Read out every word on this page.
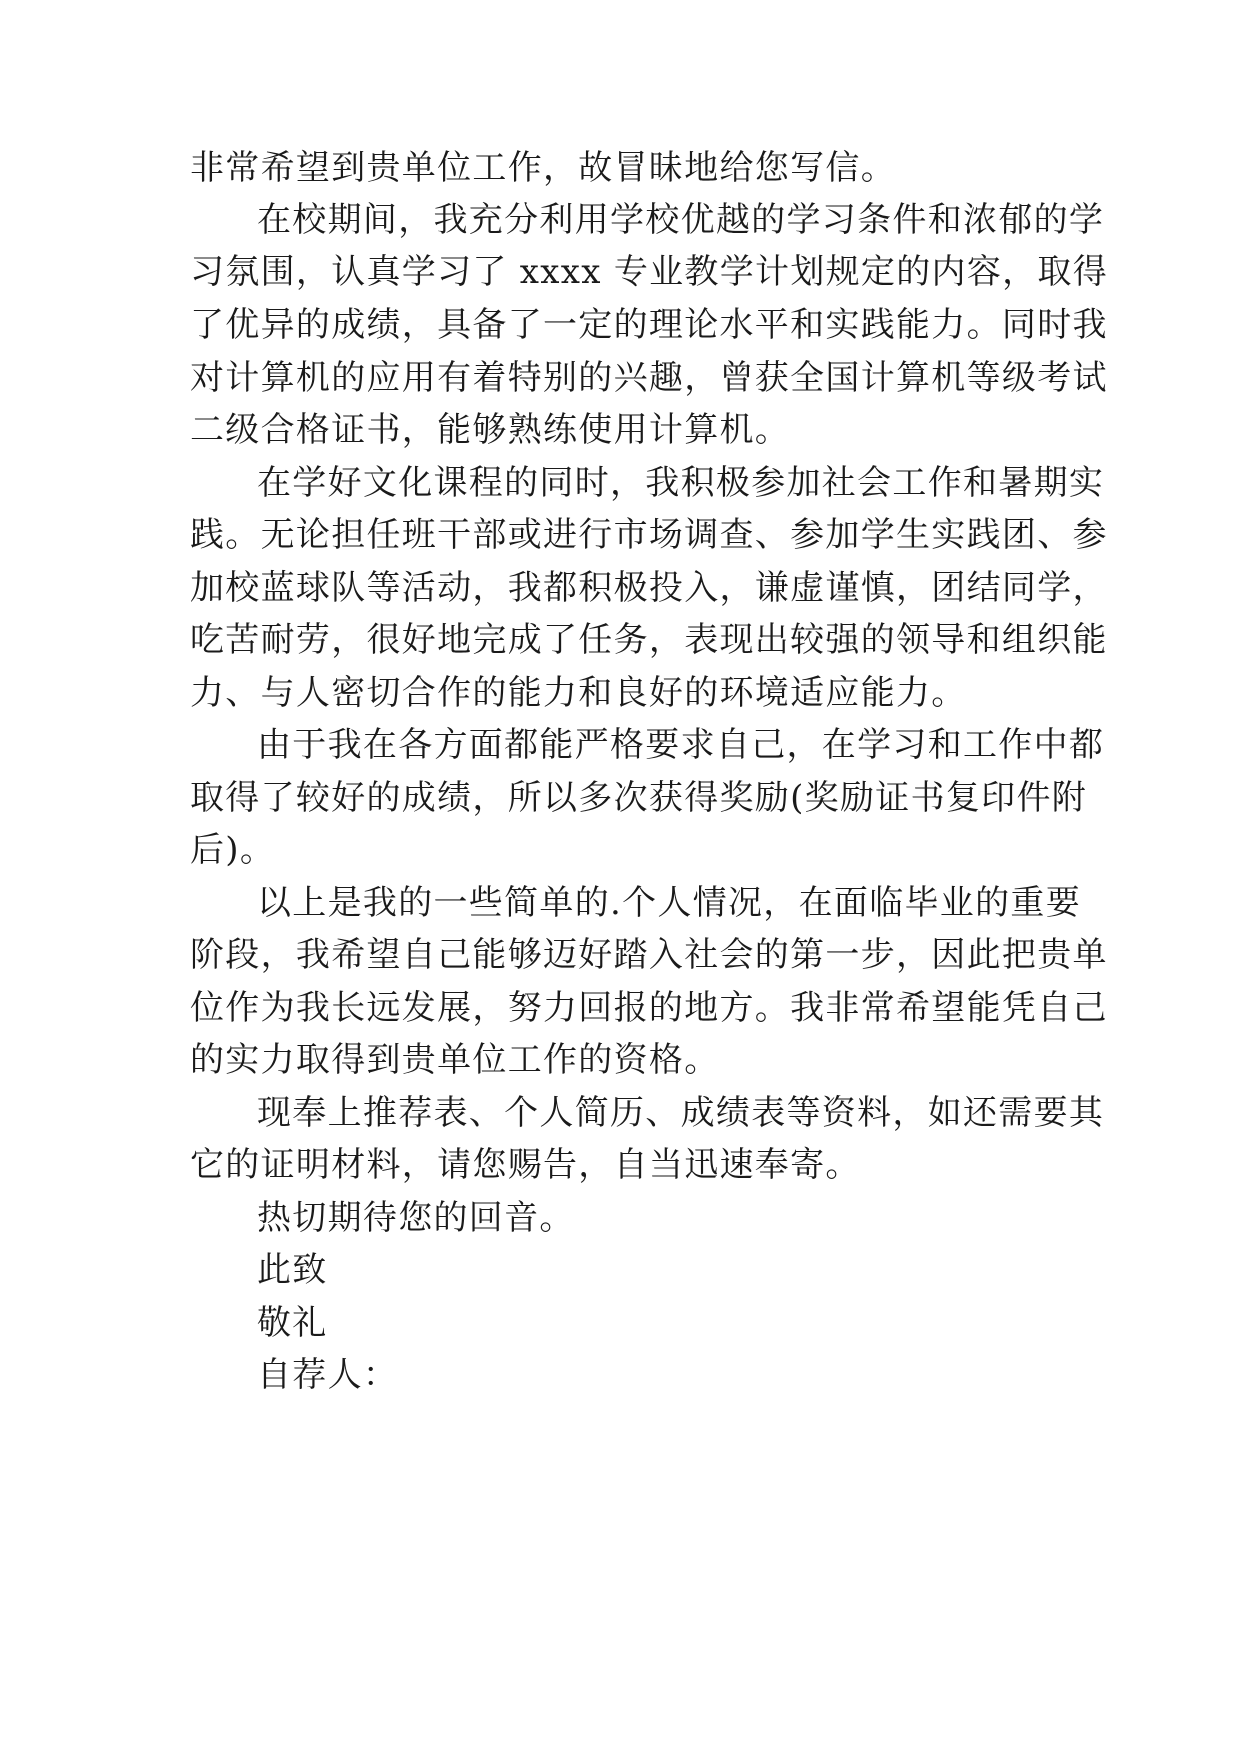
非常希望到贵单位工作，故冒昧地给您写信。
在校期间，我充分利用学校优越的学习条件和浓郁的学
习氛围，认真学习了 xxxx 专业教学计划规定的内容，取得
了优异的成绩，具备了一定的理论水平和实践能力。同时我
对计算机的应用有着特别的兴趣，曾获全国计算机等级考试
二级合格证书，能够熟练使用计算机。
在学好文化课程的同时，我积极参加社会工作和暑期实
践。无论担任班干部或进行市场调查、参加学生实践团、参
加校蓝球队等活动，我都积极投入，谦虚谨慎，团结同学，
吃苦耐劳，很好地完成了任务，表现出较强的领导和组织能
力、与人密切合作的能力和良好的环境适应能力。
由于我在各方面都能严格要求自己，在学习和工作中都
取得了较好的成绩，所以多次获得奖励(奖励证书复印件附
后)。
以上是我的一些简单的.个人情况，在面临毕业的重要
阶段，我希望自己能够迈好踏入社会的第一步，因此把贵单
位作为我长远发展，努力回报的地方。我非常希望能凭自己
的实力取得到贵单位工作的资格。
现奉上推荐表、个人简历、成绩表等资料，如还需要其
它的证明材料，请您赐告，自当迅速奉寄。
热切期待您的回音。
此致
敬礼
自荐人：
